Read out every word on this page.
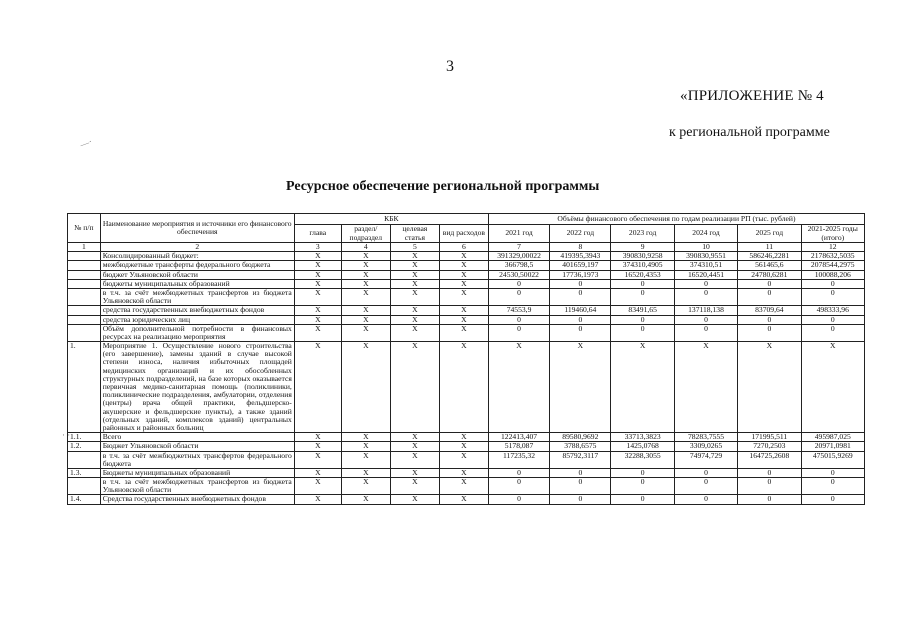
3
«ПРИЛОЖЕНИЕ № 4
к региональной программе
—·
· ·
Ресурсное обеспечение региональной программы
№ п/п	Наименование мероприятия и источники его финансового обеспечения	КБК				Объёмы финансового обеспечения по годам реализации РП (тыс. рублей)					
		глава	раздел/ подраздел	целевая статья	вид расходов	2021 год	2022 год	2023 год	2024 год	2025 год	2021-2025 годы (итого)
1	2	3	4	5	6	7	8	9	10	11	12
	Консолидированный бюджет:	X	X	X	X	391329,00022	419395,3943	390830,9258	390830,9551	586246,2281	2178632,5035
	межбюджетные трансферты федерального бюджета	X	X	X	X	366798,5	401659,197	374310,4905	374310,51	561465,6	2078544,2975
	бюджет Ульяновской области	X	X	X	X	24530,50022	17736,1973	16520,4353	16520,4451	24780,6281	100088,206
	бюджеты муниципальных образований	X	X	X	X	0	0	0	0	0	0
	в т.ч. за счёт межбюджетных трансфертов из бюджета Ульяновской области	X	X	X	X	0	0	0	0	0	0
	средства государственных внебюджетных фондов	X	X	X	X	74553,9	119460,64	83491,65	137118,138	83709,64	498333,96
	средства юридических лиц	X	X	X	X	0	0	0	0	0	0
	Объём дополнительной потребности в финансовых ресурсах на реализацию мероприятия	X	X	X	X	0	0	0	0	0	0
1.	Мероприятие 1. Осуществление нового строительства (его завершение), замены зданий в случае высокой степени износа, наличия избыточных площадей медицинских организаций и их обособленных структурных подразделений, на базе которых оказывается первичная медико-санитарная помощь (поликлиники, поликлинические подразделения, амбулатории, отделения (центры) врача общей практики, фельдшерско-акушерские и фельдшерские пункты), а также зданий (отдельных зданий, комплексов зданий) центральных районных и районных больниц	X	X	X	X	X	X	X	X	X	X
1.1.	Всего	X	X	X	X	122413,407	89580,9692	33713,3823	78283,7555	171995,511	495987,025
1.2.	Бюджет Ульяновской области	X	X	X	X	5178,087	3788,6575	1425,0768	3309,0265	7270,2503	20971,0981
	в т.ч. за счёт межбюджетных трансфертов федерального бюджета	X	X	X	X	117235,32	85792,3117	32288,3055	74974,729	164725,2608	475015,9269
1.3.	Бюджеты муниципальных образований	X	X	X	X	0	0	0	0	0	0
	в т.ч. за счёт межбюджетных трансфертов из бюджета Ульяновской области	X	X	X	X	0	0	0	0	0	0
1.4.	Средства государственных внебюджетных фондов	X	X	X	X	0	0	0	0	0	0
